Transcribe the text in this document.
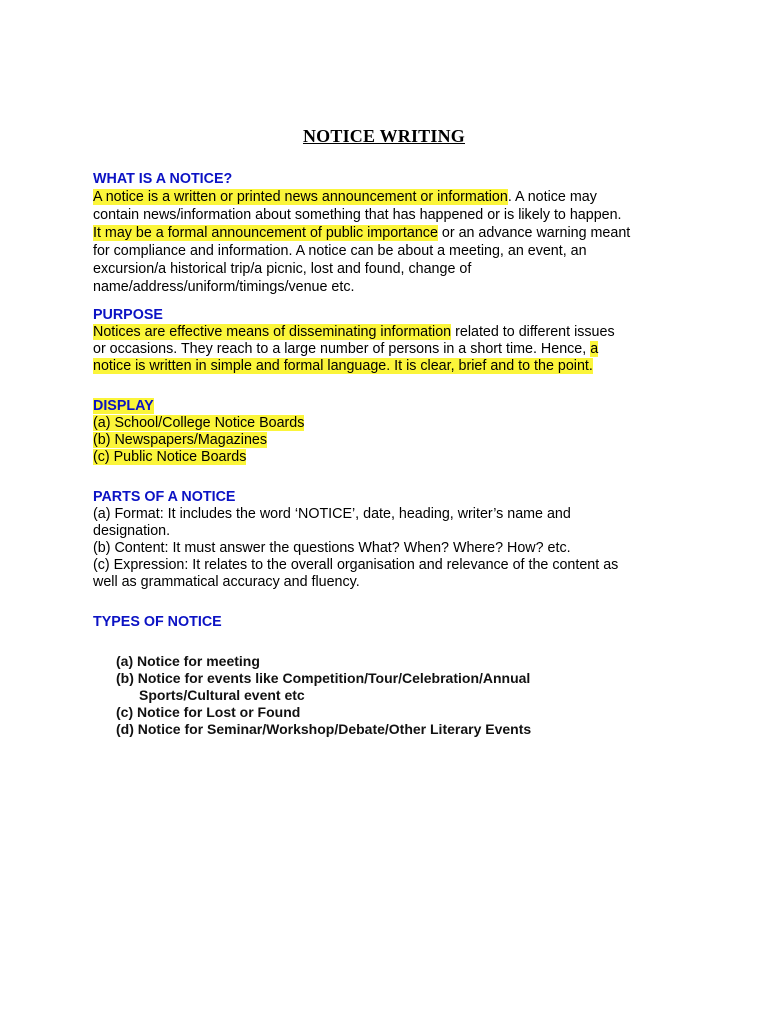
NOTICE WRITING
WHAT IS A NOTICE?
A notice is a written or printed news announcement or information. A notice may
contain news/information about something that has happened or is likely to happen.
It may be a formal announcement of public importance or an advance warning meant
for compliance and information. A notice can be about a meeting, an event, an
excursion/a historical trip/a picnic, lost and found, change of
name/address/uniform/timings/venue etc.
PURPOSE
Notices are effective means of disseminating information related to different issues
or occasions. They reach to a large number of persons in a short time. Hence, a
notice is written in simple and formal language. It is clear, brief and to the point.
DISPLAY
(a) School/College Notice Boards
(b) Newspapers/Magazines
(c) Public Notice Boards
PARTS OF A NOTICE
(a) Format: It includes the word ‘NOTICE’, date, heading, writer’s name and
designation.
(b) Content: It must answer the questions What? When? Where? How? etc.
(c) Expression: It relates to the overall organisation and relevance of the content as
well as grammatical accuracy and fluency.
TYPES OF NOTICE
(a) Notice for meeting
(b) Notice for events like Competition/Tour/Celebration/Annual
Sports/Cultural event etc
(c) Notice for Lost or Found
(d) Notice for Seminar/Workshop/Debate/Other Literary Events
